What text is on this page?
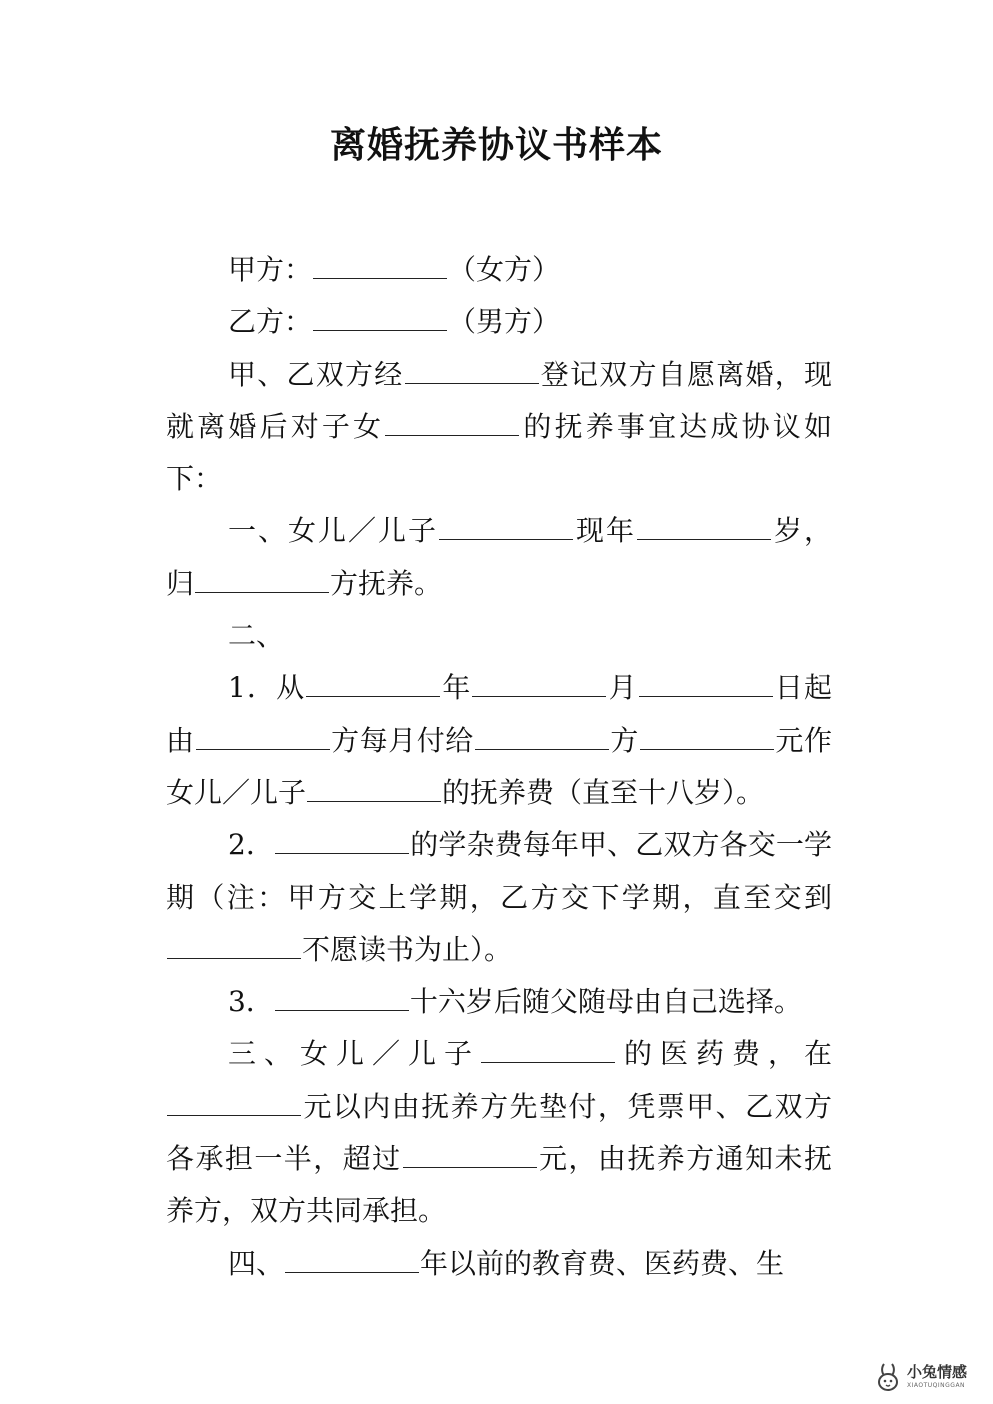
离婚抚养协议书样本

甲方：	（女方）

乙方：	（男方）

甲、乙双方经	登记双方自愿离婚，现就离婚后对子女	的抚养事宜达成协议如下：

一、女儿／儿子	现年	岁，归	方抚养。

二、

1．从	年	月	日起由	方每月付给	方	元作女儿／儿子	的抚养费（直至十八岁）。

2．	的学杂费每年甲、乙双方各交一学期（注：甲方交上学期，乙方交下学期，直至交到不愿读书为止）。

3．	十六岁后随父随母由自己选择。

三、女儿／儿子	的医药费，在元以内由抚养方先垫付，凭票甲、乙双方各承担一半，超过	元，由抚养方通知未抚养方，双方共同承担。

四、	年以前的教育费、医药费、生

小兔情感
XIAOTUQINGGAN
